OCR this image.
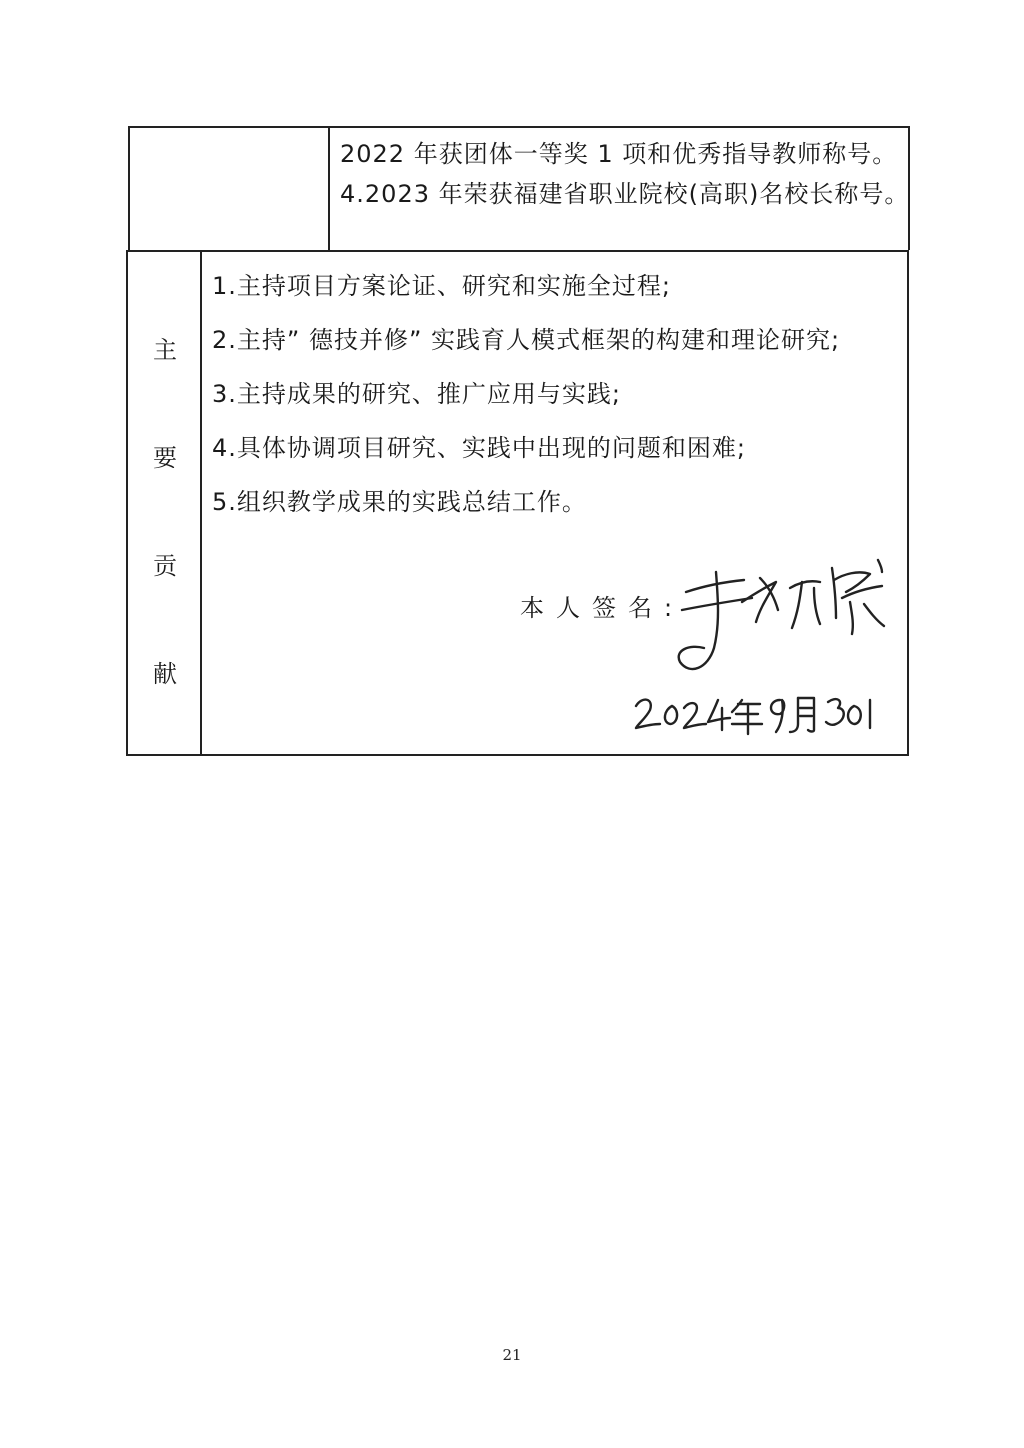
2022 年获团体一等奖 1 项和优秀指导教师称号。
4.2023 年荣获福建省职业院校(高职)名校长称号。
主
要
贡
献
1.主持项目方案论证、研究和实施全过程;
2.主持” 德技并修” 实践育人模式框架的构建和理论研究;
3.主持成果的研究、推广应用与实践;
4.具体协调项目研究、实践中出现的问题和困难;
5.组织教学成果的实践总结工作。
本人签名:
21
